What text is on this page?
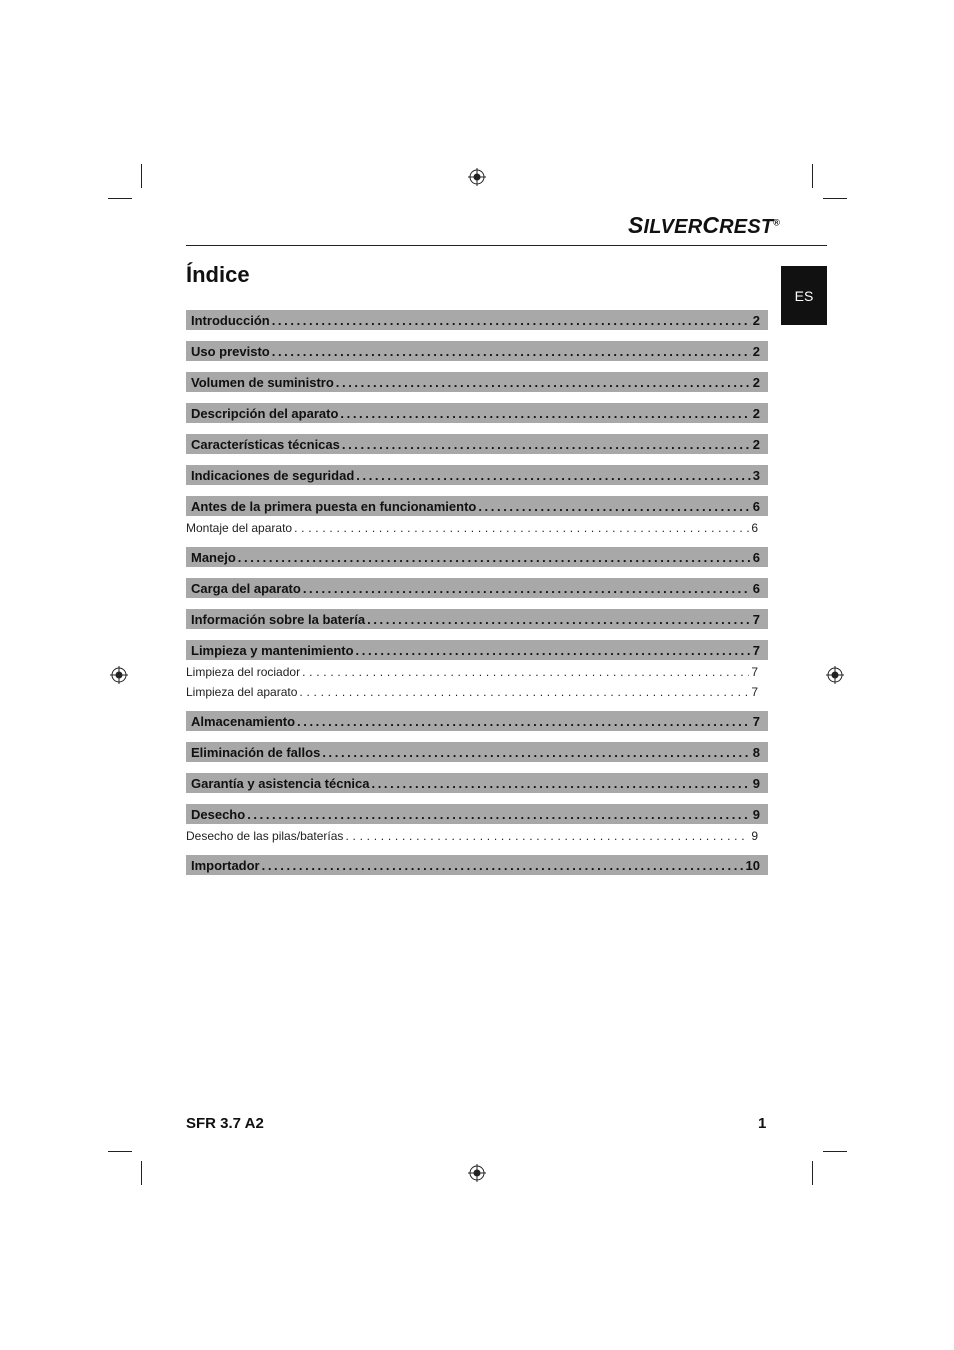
SILVERCREST®
ES
Índice
Introducción .....	2
Uso previsto .....	2
Volumen de suministro .....	2
Descripción del aparato .....	2
Características técnicas .....	2
Indicaciones de seguridad .....	3
Antes de la primera puesta en funcionamiento .....	6
Montaje del aparato . . .	6
Manejo .....	6
Carga del aparato .....	6
Información sobre la batería .....	7
Limpieza y mantenimiento .....	7
Limpieza del rociador . . .	7
Limpieza del aparato . . .	7
Almacenamiento .....	7
Eliminación de fallos .....	8
Garantía y asistencia técnica .....	9
Desecho .....	9
Desecho de las pilas/baterías . . .	9
Importador .....	10
SFR 3.7 A2	1
